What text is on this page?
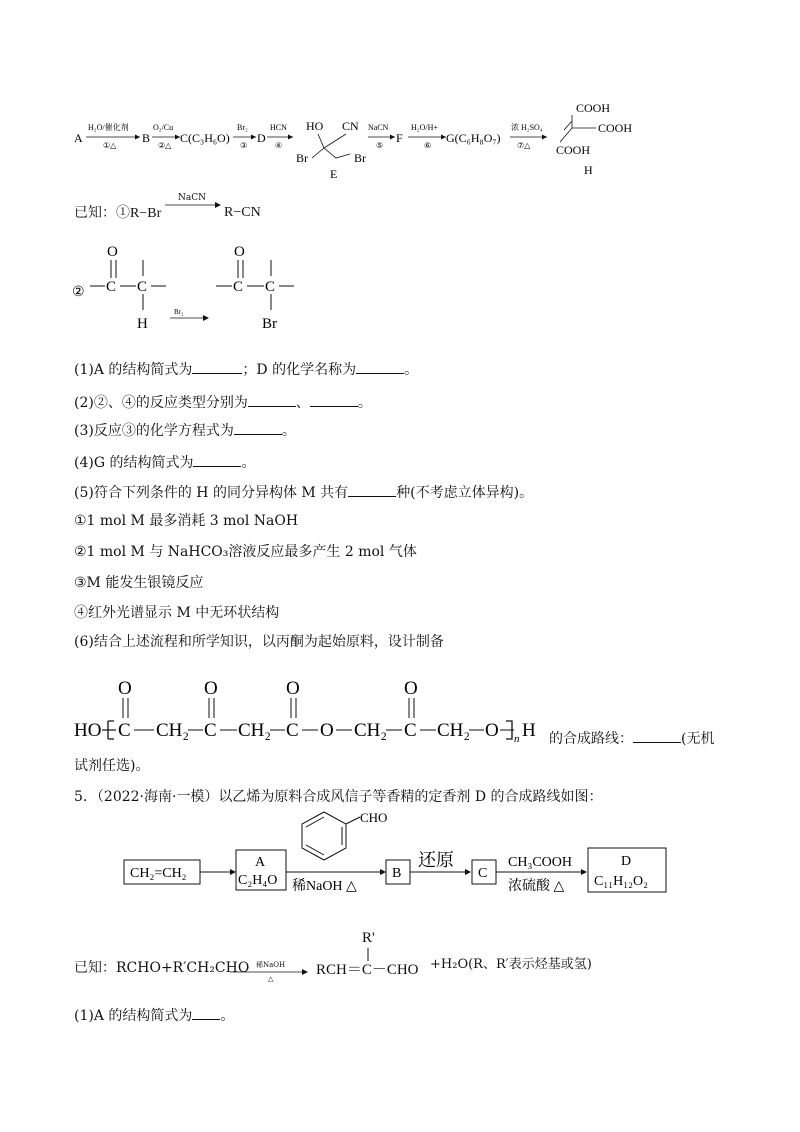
A
H₂O/催化剂
①△
B
O₂/Cu
②△
C(C₃H₆O)
Br₂
③
D
HCN
④
HO CN
Br	Br
E
NaCN
⑤
F
H₂O/H+
⑥
G(C₆H₈O₇)
浓 H₂SO₄
⑦△
COOH
COOH
COOH
H
已知：①R−Br
NaCN
R−CN
②
O
C C
H
Br₂
O
C C
Br
(1)A 的结构简式为	；D 的化学名称为	。
(2)②、④的反应类型分别为	、	。
(3)反应③的化学方程式为	。
(4)G 的结构简式为	。
(5)符合下列条件的 H 的同分异构体 M 共有	种(不考虑立体异构)。
①1 mol M 最多消耗 3 mol NaOH
②1 mol M 与 NaHCO₃溶液反应最多产生 2 mol 气体
③M 能发生银镜反应
④红外光谱显示 M 中无环状结构
(6)结合上述流程和所学知识，以丙酮为起始原料，设计制备
HO C
O
CH₂ C
O
CH₂ C
O
O CH₂ C
O
CH₂ O n H 的合成路线：	(无机
试剂任选)。
5．（2022·海南·一模）以乙烯为原料合成风信子等香精的定香剂 D 的合成路线如图：
CH₂=CH₂
A
C₂H₄O
CHO
稀NaOH △
B
还原
C
CH₃COOH
浓硫酸 △
D
C₁₁H₁₂O₂
已知：RCHO+R′CH₂CHO 稀NaOH
△
R'
RCH＝C－CHO +H₂O(R、R′表示烃基或氢)
(1)A 的结构简式为 。
